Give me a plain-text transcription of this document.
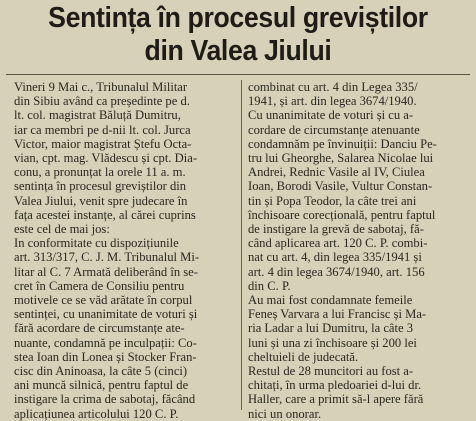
Sentința în procesul greviștilor
din Valea Jiului
Vineri 9 Mai c., Tribunalul Militar
din Sibiu având ca președinte pe d.
lt. col. magistrat Băluță Dumitru,
iar ca membri pe d-nii lt. col. Jurca
Victor, maior magistrat Ștefu Octa-
vian, cpt. mag. Vlădescu și cpt. Dia-
conu, a pronunțat la orele 11 a. m.
sentința în procesul greviștilor din
Valea Jiului, venit spre judecare în
fața acestei instanțe, al cărei cuprins
este cel de mai jos:
In conformitate cu dispozițiunile
art. 313/317, C. J. M. Tribunalul Mi-
litar al C. 7 Armată deliberând în se-
cret în Camera de Consiliu pentru
motivele ce se văd arătate în corpul
sentinței, cu unanimitate de voturi și
fără acordare de circumstanțe ate-
nuante, condamnă pe inculpații: Co-
stea Ioan din Lonea și Stocker Fran-
cisc din Aninoasa, la câte 5 (cinci)
ani muncă silnică, pentru faptul de
instigare la crima de sabotaj, făcând
aplicațiunea articolului 120 C. P.
combinat cu art. 4 din Legea 335/
1941, și art. din legea 3674/1940.
Cu unanimitate de voturi și cu a-
cordare de circumstanțe atenuante
condamnăm pe învinuiții: Danciu Pe-
tru lui Gheorghe, Salarea Nicolae lui
Andrei, Rednic Vasile al IV, Ciulea
Ioan, Borodi Vasile, Vultur Constan-
tin și Popa Teodor, la câte trei ani
închisoare corecțională, pentru faptul
de instigare la grevă de sabotaj, fă-
când aplicarea art. 120 C. P. combi-
nat cu art. 4, din legea 335/1941 și
art. 4 din legea 3674/1940, art. 156
din C. P.
Au mai fost condamnate femeile
Feneș Varvara a lui Francisc și Ma-
ria Ladar a lui Dumitru, la câte 3
luni și una zi închisoare și 200 lei
cheltuieli de judecată.
Restul de 28 muncitori au fost a-
chitați, în urma pledoariei d-lui dr.
Haller, care a primit să-l apere fără
nici un onorar.
